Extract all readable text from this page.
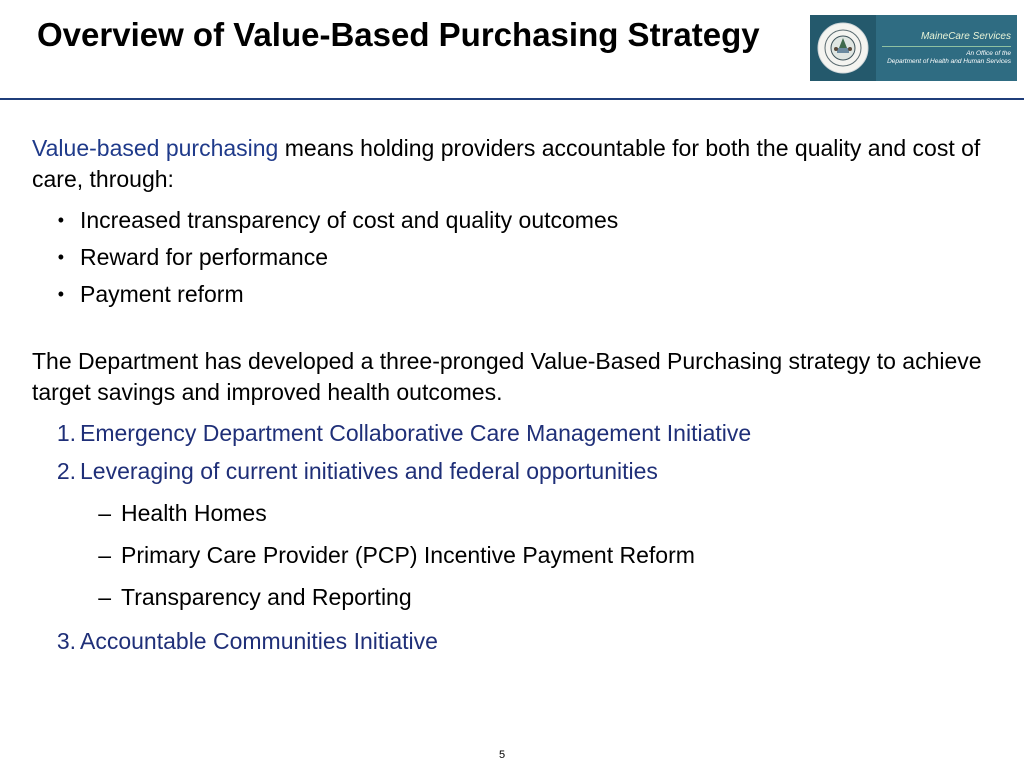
Overview of Value-Based Purchasing Strategy	MaineCare Services
An Office of the
Department of Health and Human Services

Value-based purchasing means holding providers accountable for both the quality and cost of care, through:

• Increased transparency of cost and quality outcomes
• Reward for performance
• Payment reform

The Department has developed a three-pronged Value-Based Purchasing strategy to achieve target savings and improved health outcomes.

1. Emergency Department Collaborative Care Management Initiative
2. Leveraging of current initiatives and federal opportunities
– Health Homes
– Primary Care Provider (PCP) Incentive Payment Reform
– Transparency and Reporting
3. Accountable Communities Initiative
5
